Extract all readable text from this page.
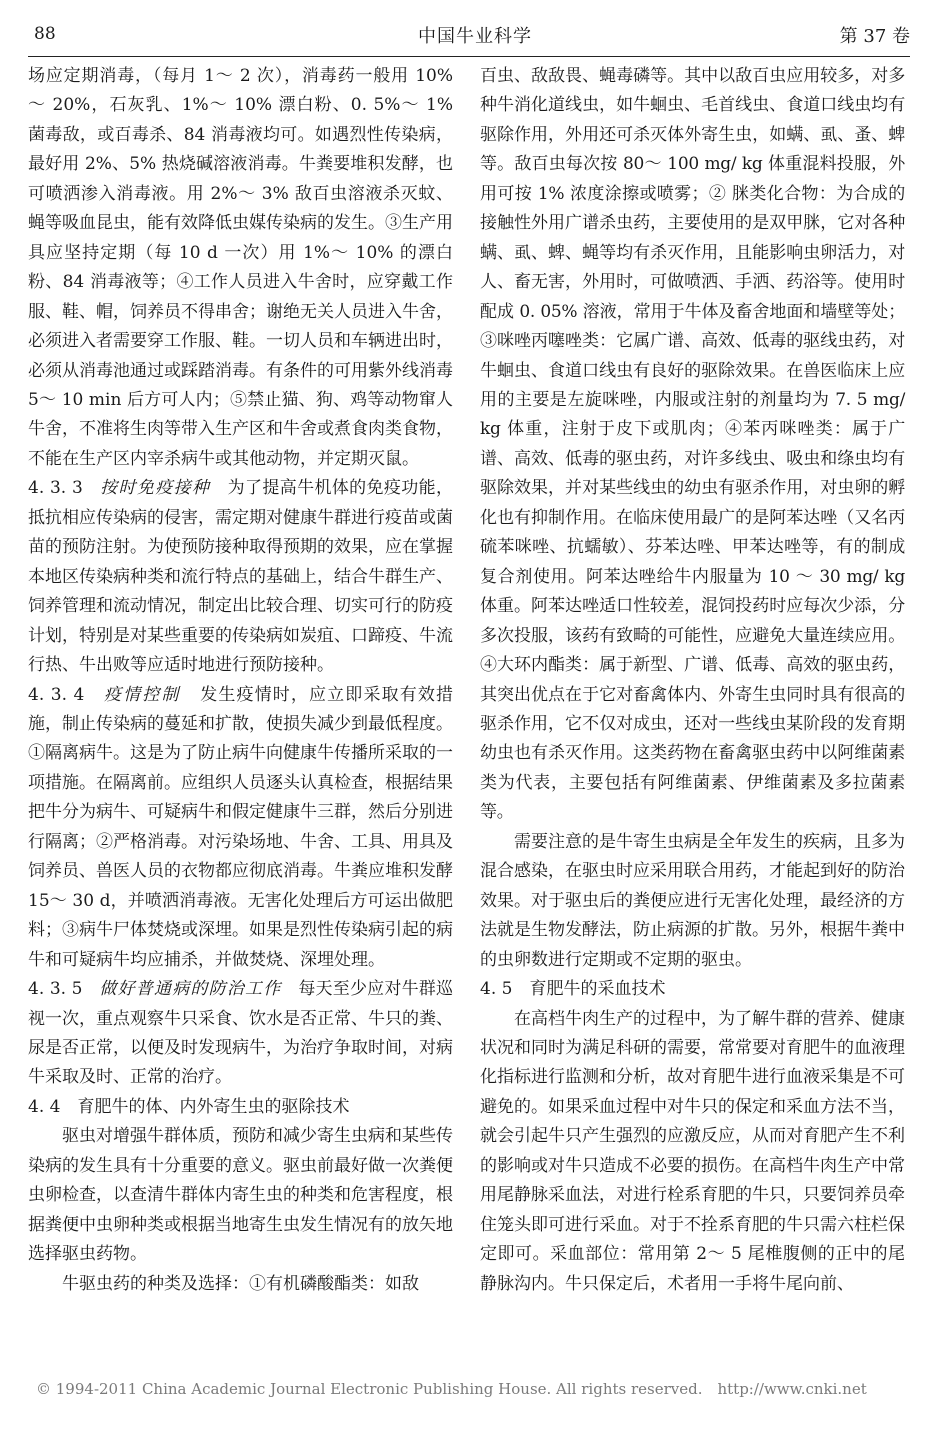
88	中国牛业科学	第 37 卷

场应定期消毒，（每月 1～ 2 次），消毒药一般用 10% ～ 20%，石灰乳、1%～ 10% 漂白粉、0. 5%～ 1% 菌毒敌，或百毒杀、84 消毒液均可。如遇烈性传染病，最好用 2%、5% 热烧碱溶液消毒。牛粪要堆积发酵，也可喷洒渗入消毒液。用 2%～ 3% 敌百虫溶液杀灭蚊、蝇等吸血昆虫，能有效降低虫媒传染病的发生。③生产用具应坚持定期（每 10 d 一次）用 1%～ 10% 的漂白粉、84 消毒液等；④工作人员进入牛舍时，应穿戴工作服、鞋、帽，饲养员不得串舍；谢绝无关人员进入牛舍，必须进入者需要穿工作服、鞋。一切人员和车辆进出时，必须从消毒池通过或踩踏消毒。有条件的可用紫外线消毒 5～ 10 min 后方可人内；⑤禁止猫、狗、鸡等动物窜人牛舍，不准将生肉等带入生产区和牛舍或煮食肉类食物，不能在生产区内宰杀病牛或其他动物，并定期灭鼠。

4. 3. 3 按时免疫接种 为了提高牛机体的免疫功能，抵抗相应传染病的侵害，需定期对健康牛群进行疫苗或菌苗的预防注射。为使预防接种取得预期的效果，应在掌握本地区传染病种类和流行特点的基础上，结合牛群生产、饲养管理和流动情况，制定出比较合理、切实可行的防疫计划，特别是对某些重要的传染病如炭疽、口蹄疫、牛流行热、牛出败等应适时地进行预防接种。

4. 3. 4 疫情控制 发生疫情时，应立即采取有效措施，制止传染病的蔓延和扩散，使损失减少到最低程度。①隔离病牛。这是为了防止病牛向健康牛传播所采取的一项措施。在隔离前。应组织人员逐头认真检查，根据结果把牛分为病牛、可疑病牛和假定健康牛三群，然后分别进行隔离；②严格消毒。对污染场地、牛舍、工具、用具及饲养员、兽医人员的衣物都应彻底消毒。牛粪应堆积发酵 15～ 30 d，并喷洒消毒液。无害化处理后方可运出做肥料；③病牛尸体焚烧或深埋。如果是烈性传染病引起的病牛和可疑病牛均应捕杀，并做焚烧、深埋处理。

4. 3. 5 做好普通病的防治工作 每天至少应对牛群巡视一次，重点观察牛只采食、饮水是否正常、牛只的粪、尿是否正常，以便及时发现病牛，为治疗争取时间，对病牛采取及时、正常的治疗。

4. 4　育肥牛的体、内外寄生虫的驱除技术

驱虫对增强牛群体质，预防和减少寄生虫病和某些传染病的发生具有十分重要的意义。驱虫前最好做一次粪便虫卵检查，以查清牛群体内寄生虫的种类和危害程度，根据粪便中虫卵种类或根据当地寄生虫发生情况有的放矢地选择驱虫药物。

牛驱虫药的种类及选择：①有机磷酸酯类：如敌

百虫、敌敌畏、蝇毒磷等。其中以敌百虫应用较多，对多种牛消化道线虫，如牛蛔虫、毛首线虫、食道口线虫均有驱除作用，外用还可杀灭体外寄生虫，如螨、虱、蚤、蜱等。敌百虫每次按 80～ 100 mg/ kg 体重混料投服，外用可按 1% 浓度涂擦或喷雾；② 脒类化合物：为合成的接触性外用广谱杀虫药，主要使用的是双甲脒，它对各种螨、虱、蜱、蝇等均有杀灭作用，且能影响虫卵活力，对人、畜无害，外用时，可做喷洒、手洒、药浴等。使用时配成 0. 05% 溶液，常用于牛体及畜舍地面和墙壁等处；③咪唑丙噻唑类：它属广谱、高效、低毒的驱线虫药，对牛蛔虫、食道口线虫有良好的驱除效果。在兽医临床上应用的主要是左旋咪唑，内服或注射的剂量均为 7. 5 mg/ kg 体重，注射于皮下或肌肉；④苯丙咪唑类：属于广谱、高效、低毒的驱虫药，对许多线虫、吸虫和绦虫均有驱除效果，并对某些线虫的幼虫有驱杀作用，对虫卵的孵化也有抑制作用。在临床使用最广的是阿苯达唑（又名丙硫苯咪唑、抗蠕敏）、芬苯达唑、甲苯达唑等，有的制成复合剂使用。阿苯达唑给牛内服量为 10 ～ 30 mg/ kg 体重。阿苯达唑适口性较差，混饲投药时应每次少添，分多次投服，该药有致畸的可能性，应避免大量连续应用。④大环内酯类：属于新型、广谱、低毒、高效的驱虫药，其突出优点在于它对畜禽体内、外寄生虫同时具有很高的驱杀作用，它不仅对成虫，还对一些线虫某阶段的发育期幼虫也有杀灭作用。这类药物在畜禽驱虫药中以阿维菌素类为代表，主要包括有阿维菌素、伊维菌素及多拉菌素等。

需要注意的是牛寄生虫病是全年发生的疾病，且多为混合感染，在驱虫时应采用联合用药，才能起到好的防治效果。对于驱虫后的粪便应进行无害化处理，最经济的方法就是生物发酵法，防止病源的扩散。另外，根据牛粪中的虫卵数进行定期或不定期的驱虫。

4. 5　育肥牛的采血技术

在高档牛肉生产的过程中，为了解牛群的营养、健康状况和同时为满足科研的需要，常常要对育肥牛的血液理化指标进行监测和分析，故对育肥牛进行血液采集是不可避免的。如果采血过程中对牛只的保定和采血方法不当，就会引起牛只产生强烈的应激反应，从而对育肥产生不利的影响或对牛只造成不必要的损伤。在高档牛肉生产中常用尾静脉采血法，对进行栓系育肥的牛只，只要饲养员牵住笼头即可进行采血。对于不拴系育肥的牛只需六柱栏保定即可。采血部位：常用第 2～ 5 尾椎腹侧的正中的尾静脉沟内。牛只保定后，术者用一手将牛尾向前、

© 1994-2011 China Academic Journal Electronic Publishing House. All rights reserved.　http://www.cnki.net
